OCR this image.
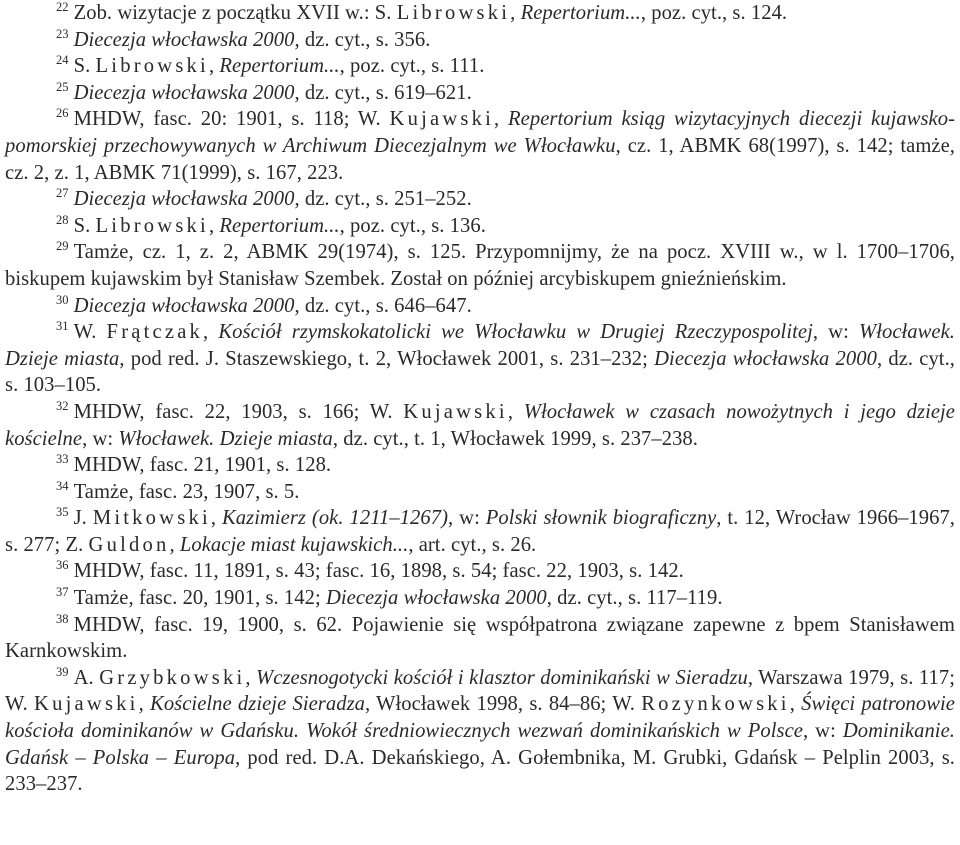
$^{22}$ Zob. wizytacje z początku XVII w.: S. Librowski, Repertorium..., poz. cyt., s. 124.

$^{23}$ Diecezja włocławska 2000, dz. cyt., s. 356.

$^{24}$ S. Librowski, Repertorium..., poz. cyt., s. 111.

$^{25}$ Diecezja włocławska 2000, dz. cyt., s. 619–621.

$^{26}$ MHDW, fasc. 20: 1901, s. 118; W. Kujawski, Repertorium ksiąg wizytacyjnych diecezji kujawsko-pomorskiej przechowywanych w Archiwum Diecezjalnym we Włocławku, cz. 1, ABMK 68(1997), s. 142; tamże, cz. 2, z. 1, ABMK 71(1999), s. 167, 223.

$^{27}$ Diecezja włocławska 2000, dz. cyt., s. 251–252.

$^{28}$ S. Librowski, Repertorium..., poz. cyt., s. 136.

$^{29}$ Tamże, cz. 1, z. 2, ABMK 29(1974), s. 125. Przypomnijmy, że na pocz. XVIII w., w l. 1700–1706, biskupem kujawskim był Stanisław Szembek. Został on później arcybiskupem gnieźnieńskim.

$^{30}$ Diecezja włocławska 2000, dz. cyt., s. 646–647.

$^{31}$ W. Frątczak, Kościół rzymskokatolicki we Włocławku w Drugiej Rzeczypospolitej, w: Włocławek. Dzieje miasta, pod red. J. Staszewskiego, t. 2, Włocławek 2001, s. 231–232; Diecezja włocławska 2000, dz. cyt., s. 103–105.

$^{32}$ MHDW, fasc. 22, 1903, s. 166; W. Kujawski, Włocławek w czasach nowożytnych i jego dzieje kościelne, w: Włocławek. Dzieje miasta, dz. cyt., t. 1, Włocławek 1999, s. 237–238.

$^{33}$ MHDW, fasc. 21, 1901, s. 128.

$^{34}$ Tamże, fasc. 23, 1907, s. 5.

$^{35}$ J. Mitkowski, Kazimierz (ok. 1211–1267), w: Polski słownik biograficzny, t. 12, Wrocław 1966–1967, s. 277; Z. Guldon, Lokacje miast kujawskich..., art. cyt., s. 26.

$^{36}$ MHDW, fasc. 11, 1891, s. 43; fasc. 16, 1898, s. 54; fasc. 22, 1903, s. 142.

$^{37}$ Tamże, fasc. 20, 1901, s. 142; Diecezja włocławska 2000, dz. cyt., s. 117–119.

$^{38}$ MHDW, fasc. 19, 1900, s. 62. Pojawienie się współpatrona związane zapewne z bpem Stanisławem Karnkowskim.

$^{39}$ A. Grzybkowski, Wczesnogotycki kościół i klasztor dominikański w Sieradzu, Warszawa 1979, s. 117; W. Kujawski, Kościelne dzieje Sieradza, Włocławek 1998, s. 84–86; W. Rozynkowski, Święci patronowie kościoła dominikanów w Gdańsku. Wokół średniowiecznych wezwań dominikańskich w Polsce, w: Dominikanie. Gdańsk – Polska – Europa, pod red. D.A. Dekańskiego, A. Gołembnika, M. Grubki, Gdańsk – Pelplin 2003, s. 233–237.
